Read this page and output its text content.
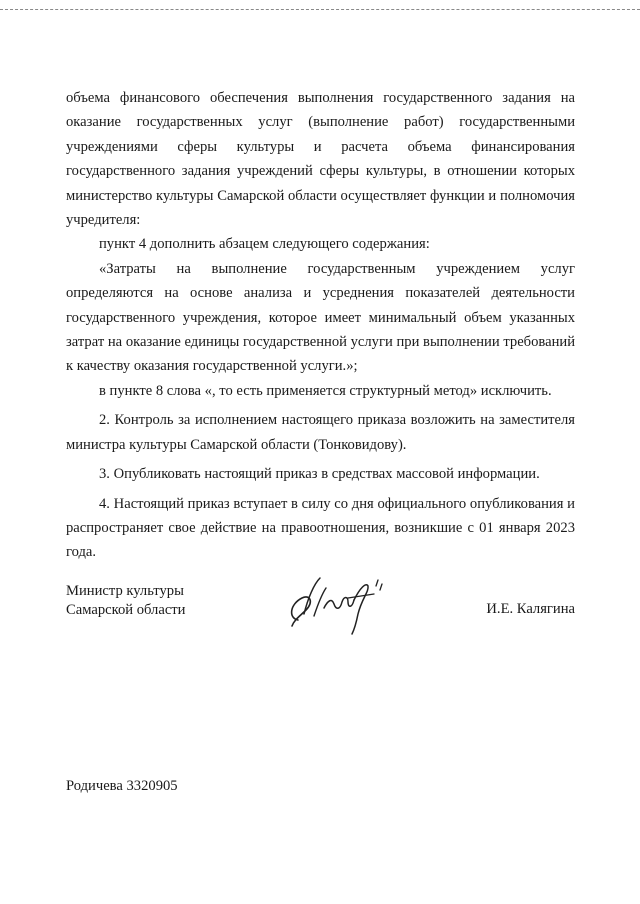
объема финансового обеспечения выполнения государственного задания на оказание государственных услуг (выполнение работ) государственными учреждениями сферы культуры и расчета объема финансирования государственного задания учреждений сферы культуры, в отношении которых министерство культуры Самарской области осуществляет функции и полномочия учредителя:

пункт 4 дополнить абзацем следующего содержания:

«Затраты на выполнение государственным учреждением услуг определяются на основе анализа и усреднения показателей деятельности государственного учреждения, которое имеет минимальный объем указанных затрат на оказание единицы государственной услуги при выполнении требований к качеству оказания государственной услуги.»;

в пункте 8 слова «, то есть применяется структурный метод» исключить.

2. Контроль за исполнением настоящего приказа возложить на заместителя министра культуры Самарской области (Тонковидову).

3. Опубликовать настоящий приказ в средствах массовой информации.

4. Настоящий приказ вступает в силу со дня официального опубликования и распространяет свое действие на правоотношения, возникшие с 01 января 2023 года.

Министр культуры
Самарской области	И.Е. Калягина
Родичева 3320905
